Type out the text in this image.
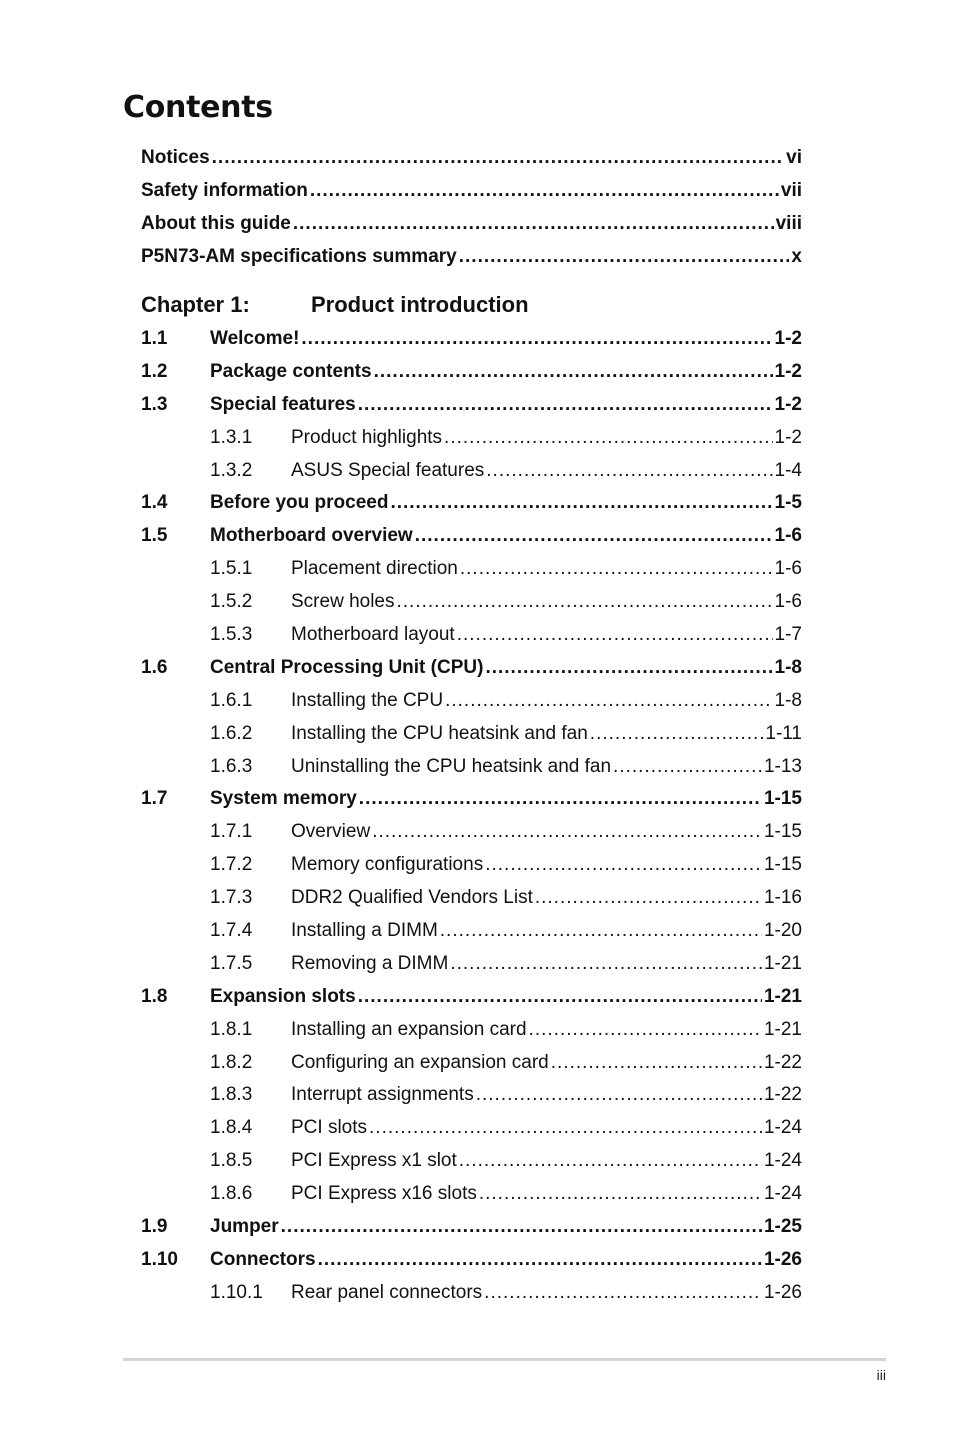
Contents
Notices .....	vi
Safety information .....	vii
About this guide .....	viii
P5N73-AM specifications summary .....	x
Chapter 1:	Product introduction
1.1	Welcome! .....	1-2
1.2	Package contents .....	1-2
1.3	Special features .....	1-2
1.3.1	Product highlights .....	1-2
1.3.2	ASUS Special features .....	1-4
1.4	Before you proceed .....	1-5
1.5	Motherboard overview .....	1-6
1.5.1	Placement direction .....	1-6
1.5.2	Screw holes .....	1-6
1.5.3	Motherboard layout .....	1-7
1.6	Central Processing Unit (CPU) .....	1-8
1.6.1	Installing the CPU .....	1-8
1.6.2	Installing the CPU heatsink and fan .....	1-11
1.6.3	Uninstalling the CPU heatsink and fan .....	1-13
1.7	System memory .....	1-15
1.7.1	Overview .....	1-15
1.7.2	Memory configurations .....	1-15
1.7.3	DDR2 Qualified Vendors List .....	1-16
1.7.4	Installing a DIMM .....	1-20
1.7.5	Removing a DIMM .....	1-21
1.8	Expansion slots .....	1-21
1.8.1	Installing an expansion card .....	1-21
1.8.2	Configuring an expansion card .....	1-22
1.8.3	Interrupt assignments .....	1-22
1.8.4	PCI slots .....	1-24
1.8.5	PCI Express x1 slot .....	1-24
1.8.6	PCI Express x16 slots .....	1-24
1.9	Jumper .....	1-25
1.10	Connectors .....	1-26
1.10.1	Rear panel connectors .....	1-26
iii
